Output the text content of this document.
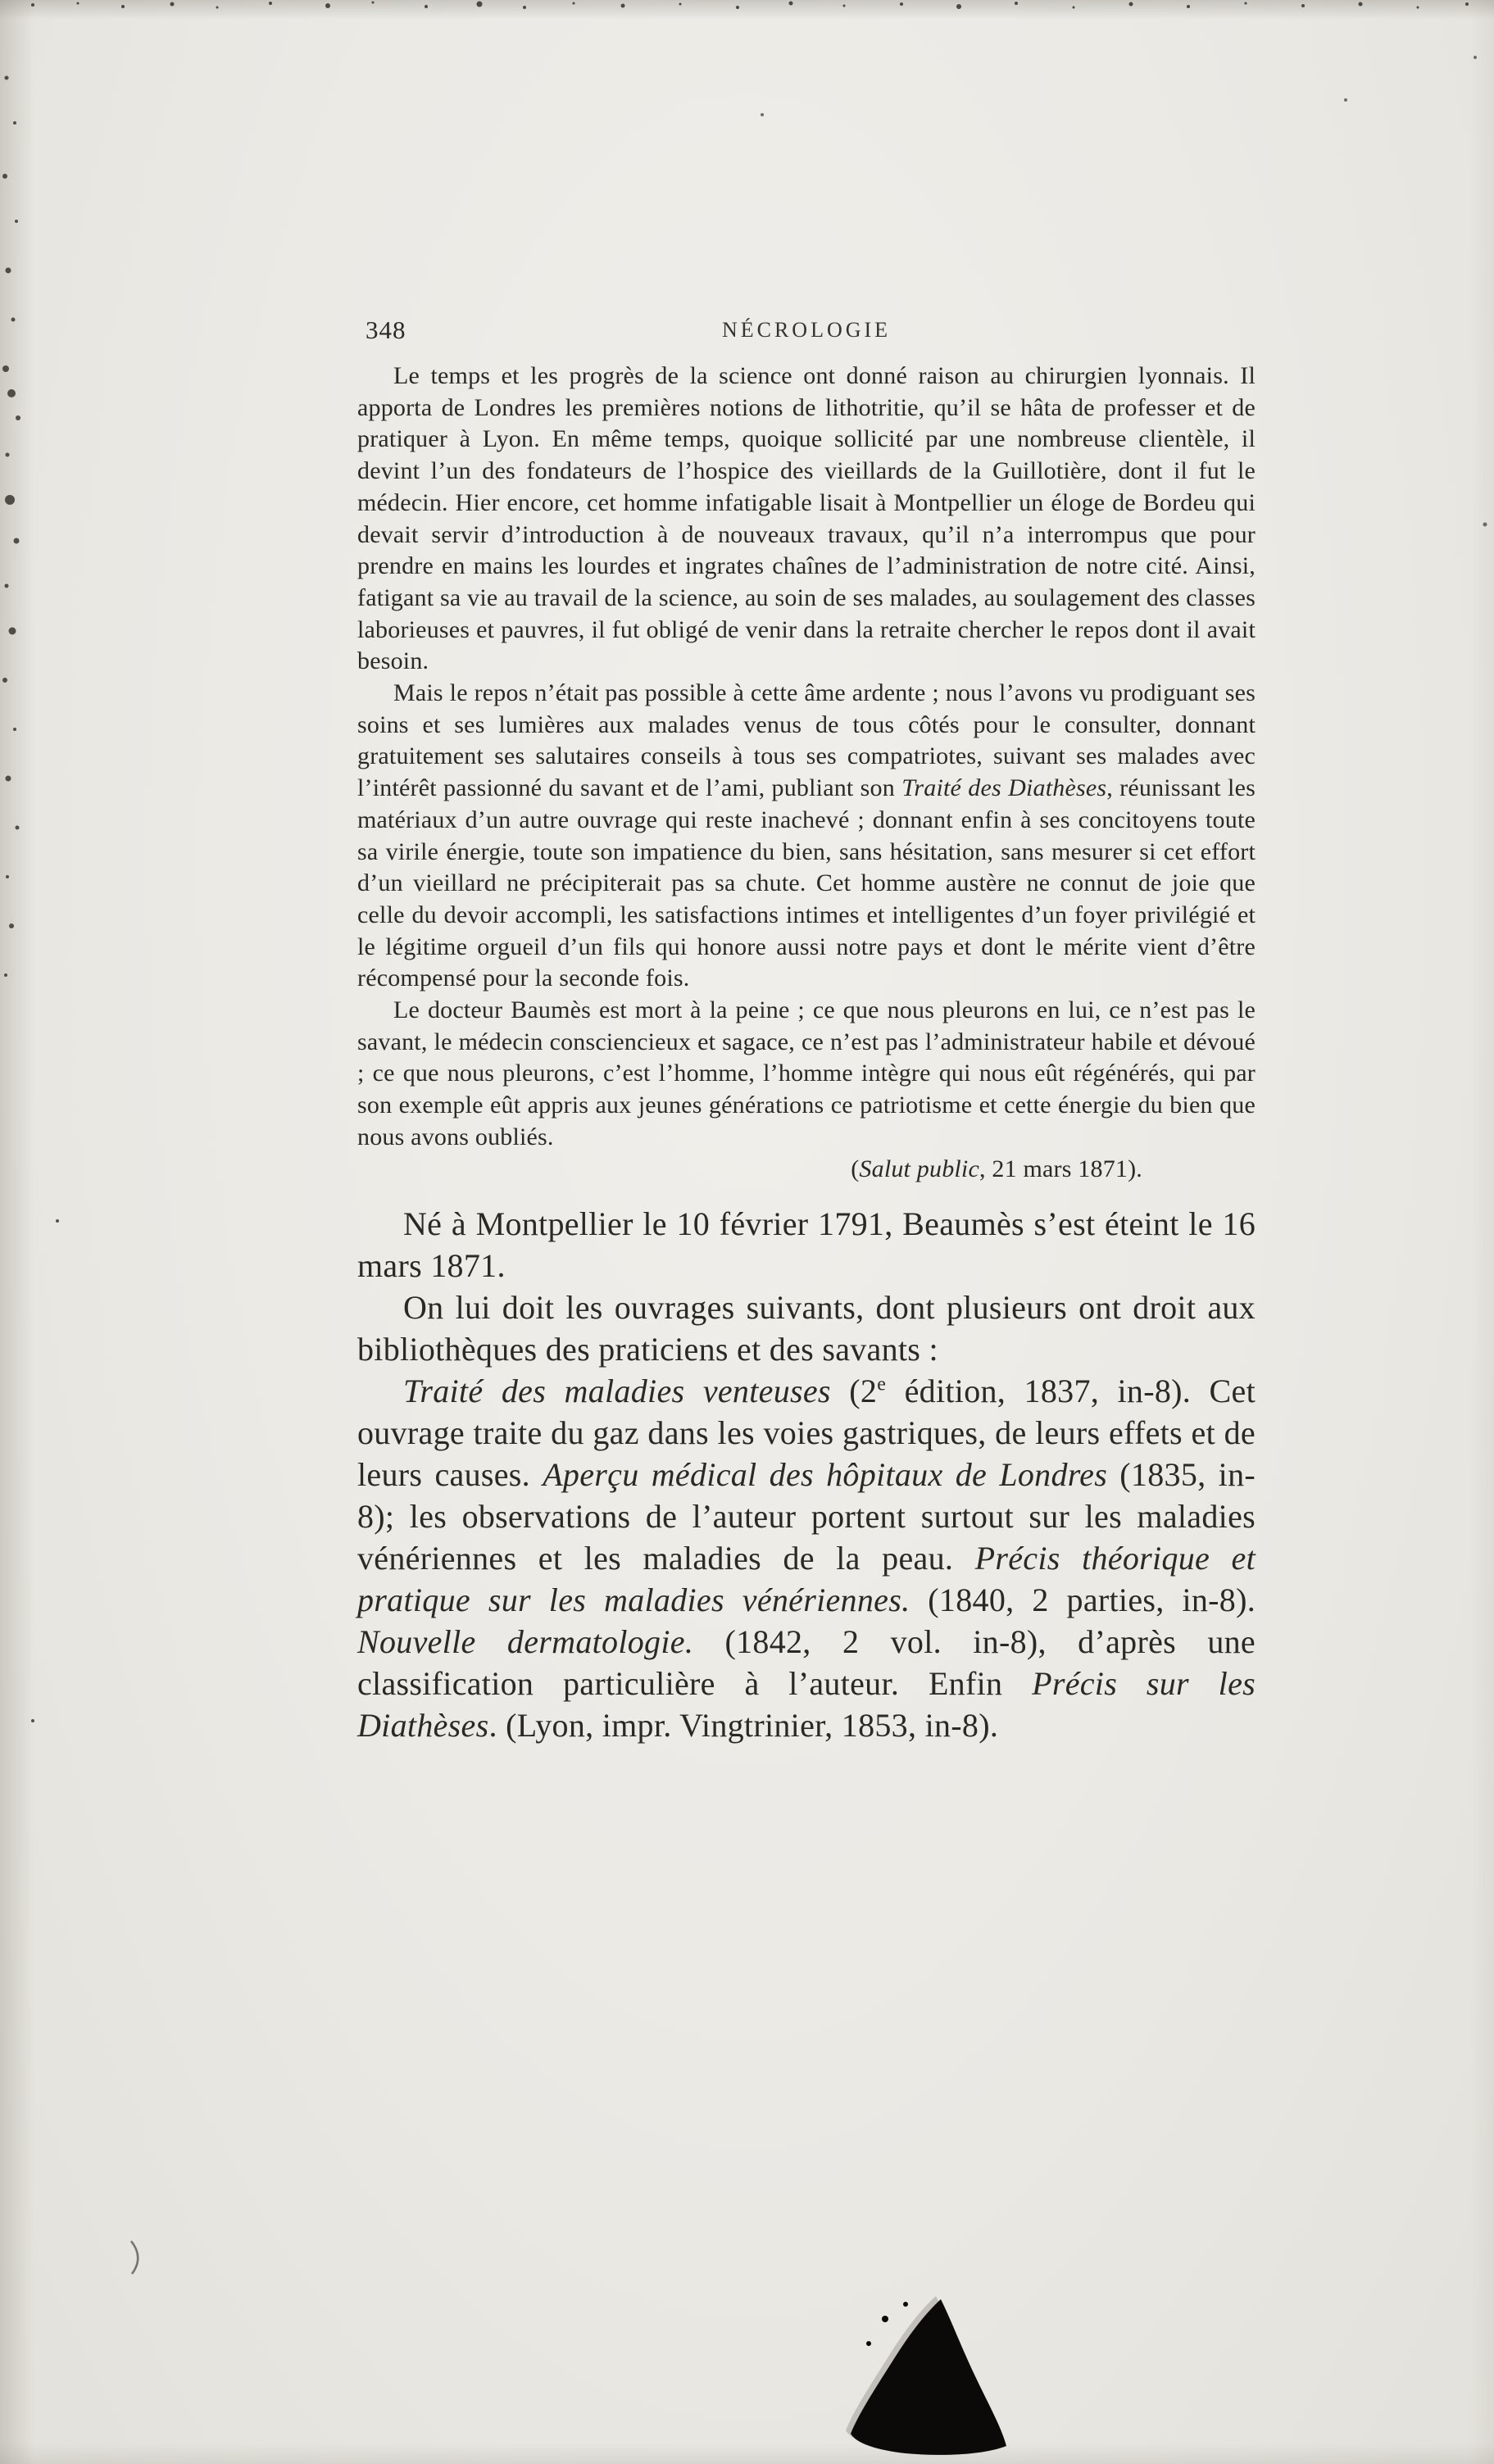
348	NÉCROLOGIE

Le temps et les progrès de la science ont donné raison au chirurgien lyonnais. Il apporta de Londres les premières notions de lithotritie, qu’il se hâta de professer et de pratiquer à Lyon. En même temps, quoique sollicité par une nombreuse clientèle, il devint l’un des fondateurs de l’hospice des vieillards de la Guillotière, dont il fut le médecin. Hier encore, cet homme infatigable lisait à Montpellier un éloge de Bordeu qui devait servir d’introduction à de nouveaux travaux, qu’il n’a interrompus que pour prendre en mains les lourdes et ingrates chaînes de l’administration de notre cité. Ainsi, fatigant sa vie au travail de la science, au soin de ses malades, au soulagement des classes laborieuses et pauvres, il fut obligé de venir dans la retraite chercher le repos dont il avait besoin.

Mais le repos n’était pas possible à cette âme ardente ; nous l’avons vu prodiguant ses soins et ses lumières aux malades venus de tous côtés pour le consulter, donnant gratuitement ses salutaires conseils à tous ses compatriotes, suivant ses malades avec l’intérêt passionné du savant et de l’ami, publiant son Traité des Diathèses, réunissant les matériaux d’un autre ouvrage qui reste inachevé ; donnant enfin à ses concitoyens toute sa virile énergie, toute son impatience du bien, sans hésitation, sans mesurer si cet effort d’un vieillard ne précipiterait pas sa chute. Cet homme austère ne connut de joie que celle du devoir accompli, les satisfactions intimes et intelligentes d’un foyer privilégié et le légitime orgueil d’un fils qui honore aussi notre pays et dont le mérite vient d’être récompensé pour la seconde fois.

Le docteur Baumès est mort à la peine ; ce que nous pleurons en lui, ce n’est pas le savant, le médecin consciencieux et sagace, ce n’est pas l’administrateur habile et dévoué ; ce que nous pleurons, c’est l’homme, l’homme intègre qui nous eût régénérés, qui par son exemple eût appris aux jeunes générations ce patriotisme et cette énergie du bien que nous avons oubliés.

(Salut public, 21 mars 1871).

Né à Montpellier le 10 février 1791, Beaumès s’est éteint le 16 mars 1871.

On lui doit les ouvrages suivants, dont plusieurs ont droit aux bibliothèques des praticiens et des savants :

Traité des maladies venteuses (2e édition, 1837, in-8). Cet ouvrage traite du gaz dans les voies gastriques, de leurs effets et de leurs causes. Aperçu médical des hôpitaux de Londres (1835, in-8); les observations de l’auteur portent surtout sur les maladies vénériennes et les maladies de la peau. Précis théorique et pratique sur les maladies vénériennes. (1840, 2 parties, in-8). Nouvelle dermatologie. (1842, 2 vol. in-8), d’après une classification particulière à l’auteur. Enfin Précis sur les Diathèses. (Lyon, impr. Vingtrinier, 1853, in-8).
